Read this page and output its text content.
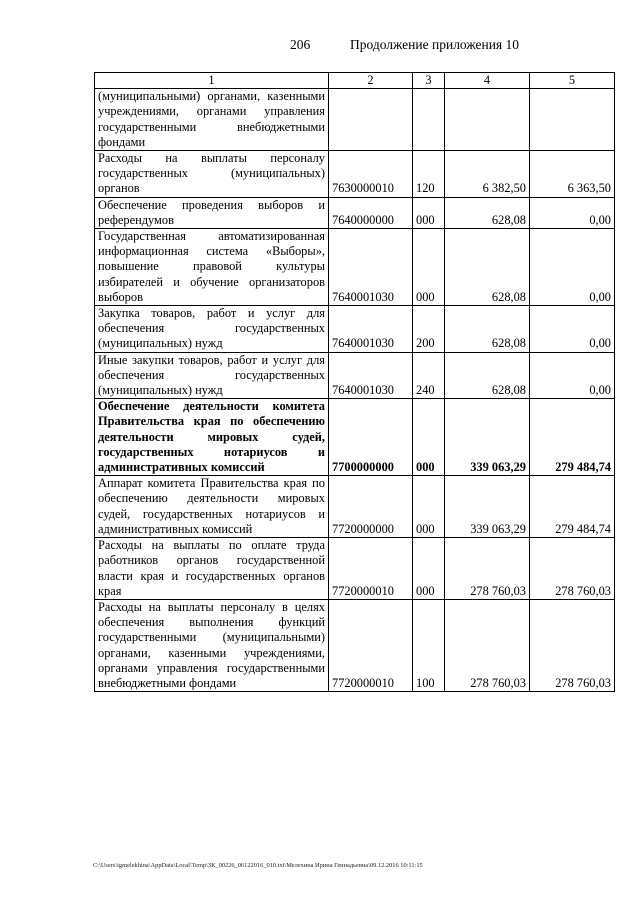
206	Продолжение приложения 10
1	2	3	4	5
(муниципальными) органами, казенными учреждениями, органами управления государственными внебюджетными фондами				
Расходы на выплаты персоналу государственных (муниципальных) органов	7630000010	120	6 382,50	6 363,50
Обеспечение проведения выборов и референдумов	7640000000	000	628,08	0,00
Государственная автоматизированная информационная система «Выборы», повышение правовой культуры избирателей и обучение организаторов выборов	7640001030	000	628,08	0,00
Закупка товаров, работ и услуг для обеспечения государственных (муниципальных) нужд	7640001030	200	628,08	0,00
Иные закупки товаров, работ и услуг для обеспечения государственных (муниципальных) нужд	7640001030	240	628,08	0,00
Обеспечение деятельности комитета Правительства края по обеспечению деятельности мировых судей, государственных нотариусов и административных комиссий	7700000000	000	339 063,29	279 484,74
Аппарат комитета Правительства края по обеспечению деятельности мировых судей, государственных нотариусов и административных комиссий	7720000000	000	339 063,29	279 484,74
Расходы на выплаты по оплате труда работников органов государственной власти края и государственных органов края	7720000010	000	278 760,03	278 760,03
Расходы на выплаты персоналу в целях обеспечения выполнения функций государственными (муниципальными) органами, казенными учреждениями, органами управления государственными внебюджетными фондами	7720000010	100	278 760,03	278 760,03
C:\Users\igmelekhina\AppData\Local\Temp\ЗК_00226_06122016_010.txt\Мелехина Ирина Геннадьевна\09.12.2016 10:11:15
